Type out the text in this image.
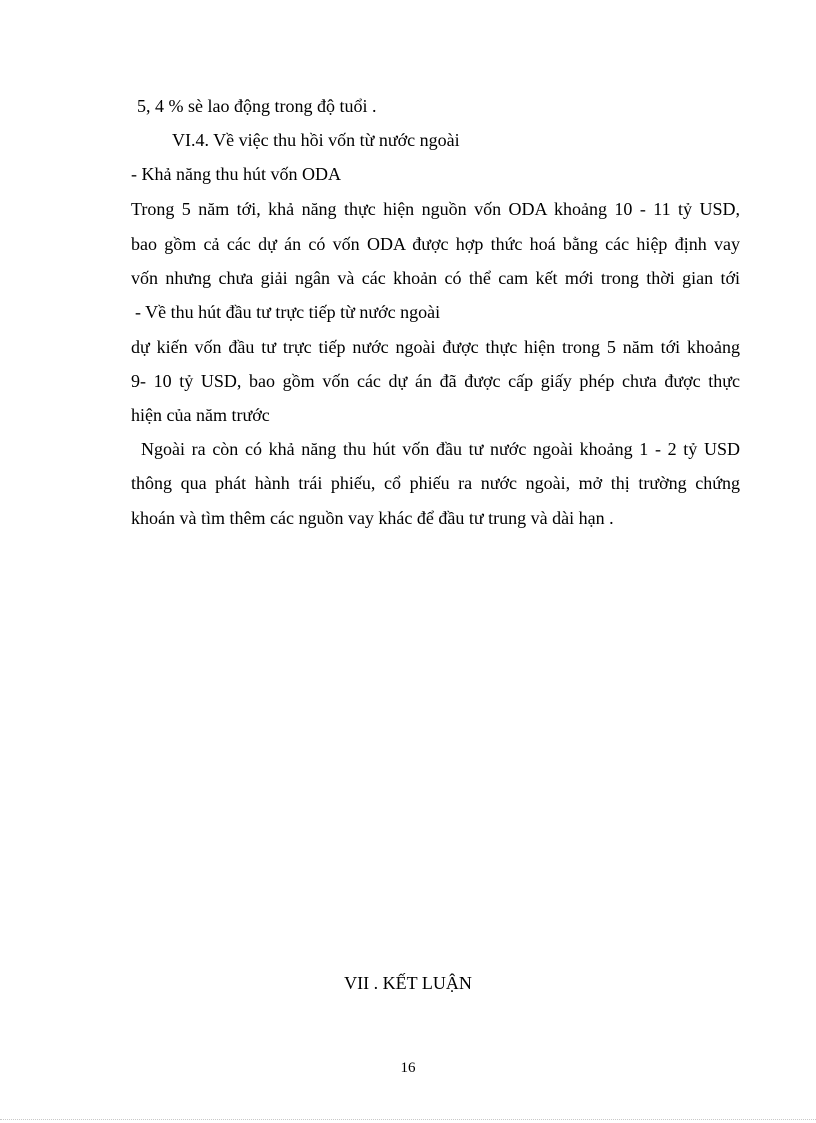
5, 4 % sè lao động trong độ tuổi .
VI.4. Về việc thu hồi vốn từ nước ngoài
- Khả năng thu hút vốn ODA
Trong 5 năm tới, khả năng thực hiện nguồn vốn ODA khoảng 10 - 11 tỷ USD,
bao gồm cả các dự án có vốn ODA được hợp thức hoá bằng các hiệp định vay
vốn nhưng chưa giải ngân và các khoản có thể cam kết mới trong thời gian tới
- Về thu hút đầu tư trực tiếp từ nước ngoài
dự kiến vốn đầu tư trực tiếp nước ngoài được thực hiện trong 5 năm tới khoảng
9- 10 tỷ USD, bao gồm vốn các dự án đã được cấp giấy phép chưa được thực
hiện của năm trước
Ngoài ra còn có khả năng thu hút vốn đầu tư nước ngoài khoảng 1 - 2 tỷ USD
thông qua phát hành trái phiếu, cổ phiếu ra nước ngoài, mở thị trường chứng
khoán và tìm thêm các nguồn vay khác để đầu tư trung và dài hạn .
VII . KẾT LUẬN
16
